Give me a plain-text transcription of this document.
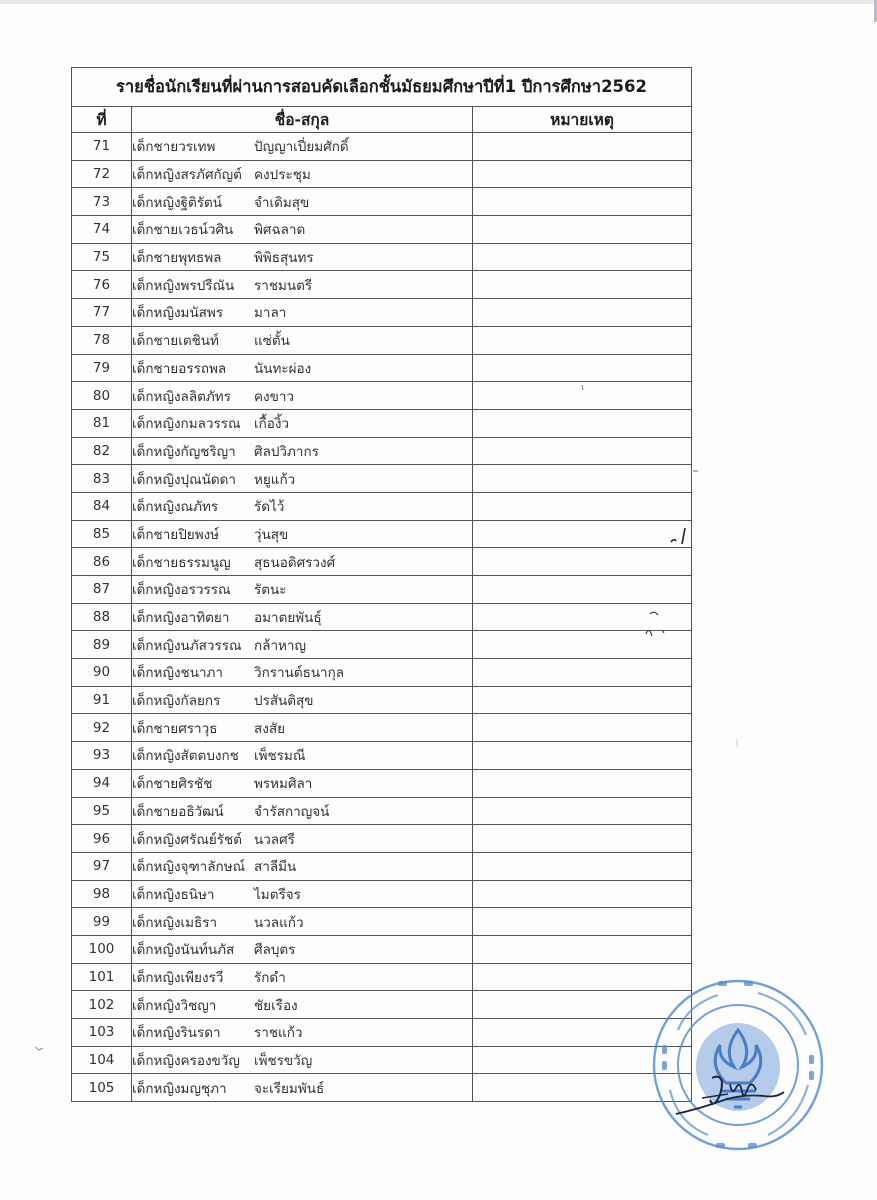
รายชื่อนักเรียนที่ผ่านการสอบคัดเลือกชั้นมัธยมศึกษาปีที่1 ปีการศึกษา2562		
ที่	ชื่อ-สกุล	หมายเหตุ
71	เด็กชายวรเทพ ปัญญาเปี่ยมศักดิ์	
72	เด็กหญิงสรภัศกัญต์ คงประชุม	
73	เด็กหญิงฐิติรัตน์ จำเดิมสุข	
74	เด็กชายเวธน์วศิน พิศฉลาด	
75	เด็กชายพุทธพล พิพิธสุนทร	
76	เด็กหญิงพรปรีณัน ราชมนตรี	
77	เด็กหญิงมนัสพร มาลา	
78	เด็กชายเตชินท์ แซ่ตั้น	
79	เด็กชายอรรถพล นันทะผ่อง	
80	เด็กหญิงลลิตภัทร คงขาว	
81	เด็กหญิงกมลวรรณ เกื้องิ้ว	
82	เด็กหญิงกัญชริญา ศิลปวิภากร	
83	เด็กหญิงปุณนัดดา หยูแก้ว	
84	เด็กหญิงณภัทร รัดไว้	
85	เด็กชายปิยพงษ์ วุ่นสุข	
86	เด็กชายธรรมนูญ สุธนอดิศรวงศ์	
87	เด็กหญิงอรวรรณ รัตนะ	
88	เด็กหญิงอาทิตยา อมาตยพันธุ์	
89	เด็กหญิงนภัสวรรณ กล้าหาญ	
90	เด็กหญิงชนาภา วิกรานต์ธนากุล	
91	เด็กหญิงกัลยกร ปรสันติสุข	
92	เด็กชายศราวุธ สงสัย	
93	เด็กหญิงสัตตบงกช เพ็ชรมณี	
94	เด็กชายศิรชัช พรหมศิลา	
95	เด็กชายอธิวัฒน์ จำรัสกาญจน์	
96	เด็กหญิงศรัณย์รัชต์ นวลศรี	
97	เด็กหญิงจุฑาลักษณ์ สาลีมีน	
98	เด็กหญิงธนิษา ไมตรีจร	
99	เด็กหญิงเมธิรา นวลแก้ว	
100	เด็กหญิงนันท์นภัส ศีลบุตร	
101	เด็กหญิงเพียงรวี รักดำ	
102	เด็กหญิงวิชญา ชัยเรือง	
103	เด็กหญิงรินรดา ราชแก้ว	
104	เด็กหญิงครองขวัญ เพ็ชรขวัญ	
105	เด็กหญิงมญชุภา จะเรียมพันธ์	
